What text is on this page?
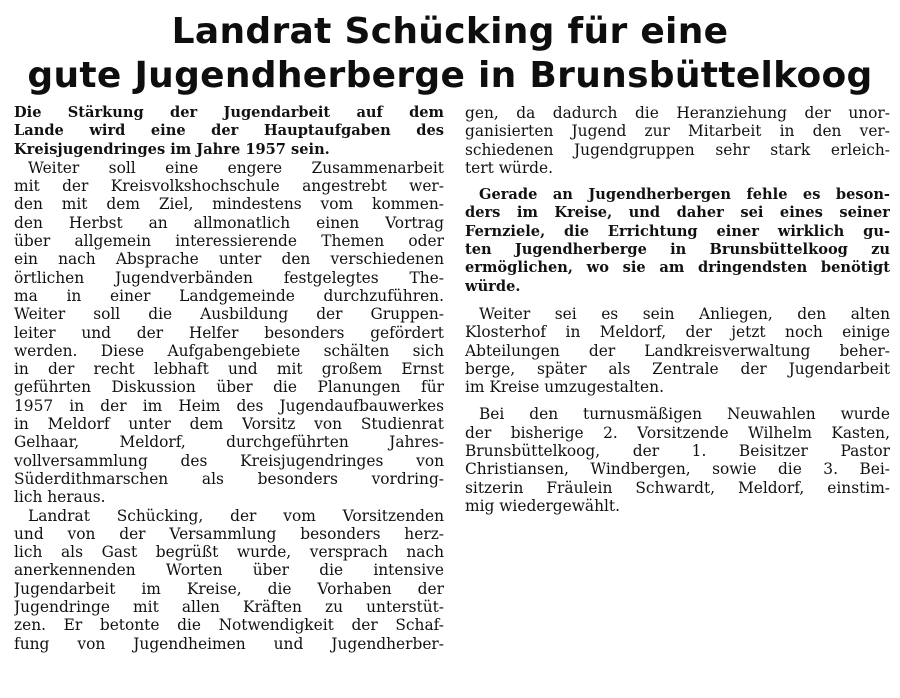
Landrat Schücking für eine
gute Jugendherberge in Brunsbüttelkoog
Die Stärkung der Jugendarbeit auf dem
Lande wird eine der Hauptaufgaben des
Kreisjugendringes im Jahre 1957 sein.
Weiter soll eine engere Zusammenarbeit
mit der Kreisvolkshochschule angestrebt wer-
den mit dem Ziel, mindestens vom kommen-
den Herbst an allmonatlich einen Vortrag
über allgemein interessierende Themen oder
ein nach Absprache unter den verschiedenen
örtlichen Jugendverbänden festgelegtes The-
ma in einer Landgemeinde durchzuführen.
Weiter soll die Ausbildung der Gruppen-
leiter und der Helfer besonders gefördert
werden. Diese Aufgabengebiete schälten sich
in der recht lebhaft und mit großem Ernst
geführten Diskussion über die Planungen für
1957 in der im Heim des Jugendaufbauwerkes
in Meldorf unter dem Vorsitz von Studienrat
Gelhaar, Meldorf, durchgeführten Jahres-
vollversammlung des Kreisjugendringes von
Süderdithmarschen als besonders vordring-
lich heraus.
Landrat Schücking, der vom Vorsitzenden
und von der Versammlung besonders herz-
lich als Gast begrüßt wurde, versprach nach
anerkennenden Worten über die intensive
Jugendarbeit im Kreise, die Vorhaben der
Jugendringe mit allen Kräften zu unterstüt-
zen. Er betonte die Notwendigkeit der Schaf-
fung von Jugendheimen und Jugendherber-
gen, da dadurch die Heranziehung der unor-
ganisierten Jugend zur Mitarbeit in den ver-
schiedenen Jugendgruppen sehr stark erleich-
tert würde.
Gerade an Jugendherbergen fehle es beson-
ders im Kreise, und daher sei eines seiner
Fernziele, die Errichtung einer wirklich gu-
ten Jugendherberge in Brunsbüttelkoog zu
ermöglichen, wo sie am dringendsten benötigt
würde.
Weiter sei es sein Anliegen, den alten
Klosterhof in Meldorf, der jetzt noch einige
Abteilungen der Landkreisverwaltung beher-
berge, später als Zentrale der Jugendarbeit
im Kreise umzugestalten.
Bei den turnusmäßigen Neuwahlen wurde
der bisherige 2. Vorsitzende Wilhelm Kasten,
Brunsbüttelkoog, der 1. Beisitzer Pastor
Christiansen, Windbergen, sowie die 3. Bei-
sitzerin Fräulein Schwardt, Meldorf, einstim-
mig wiedergewählt.
